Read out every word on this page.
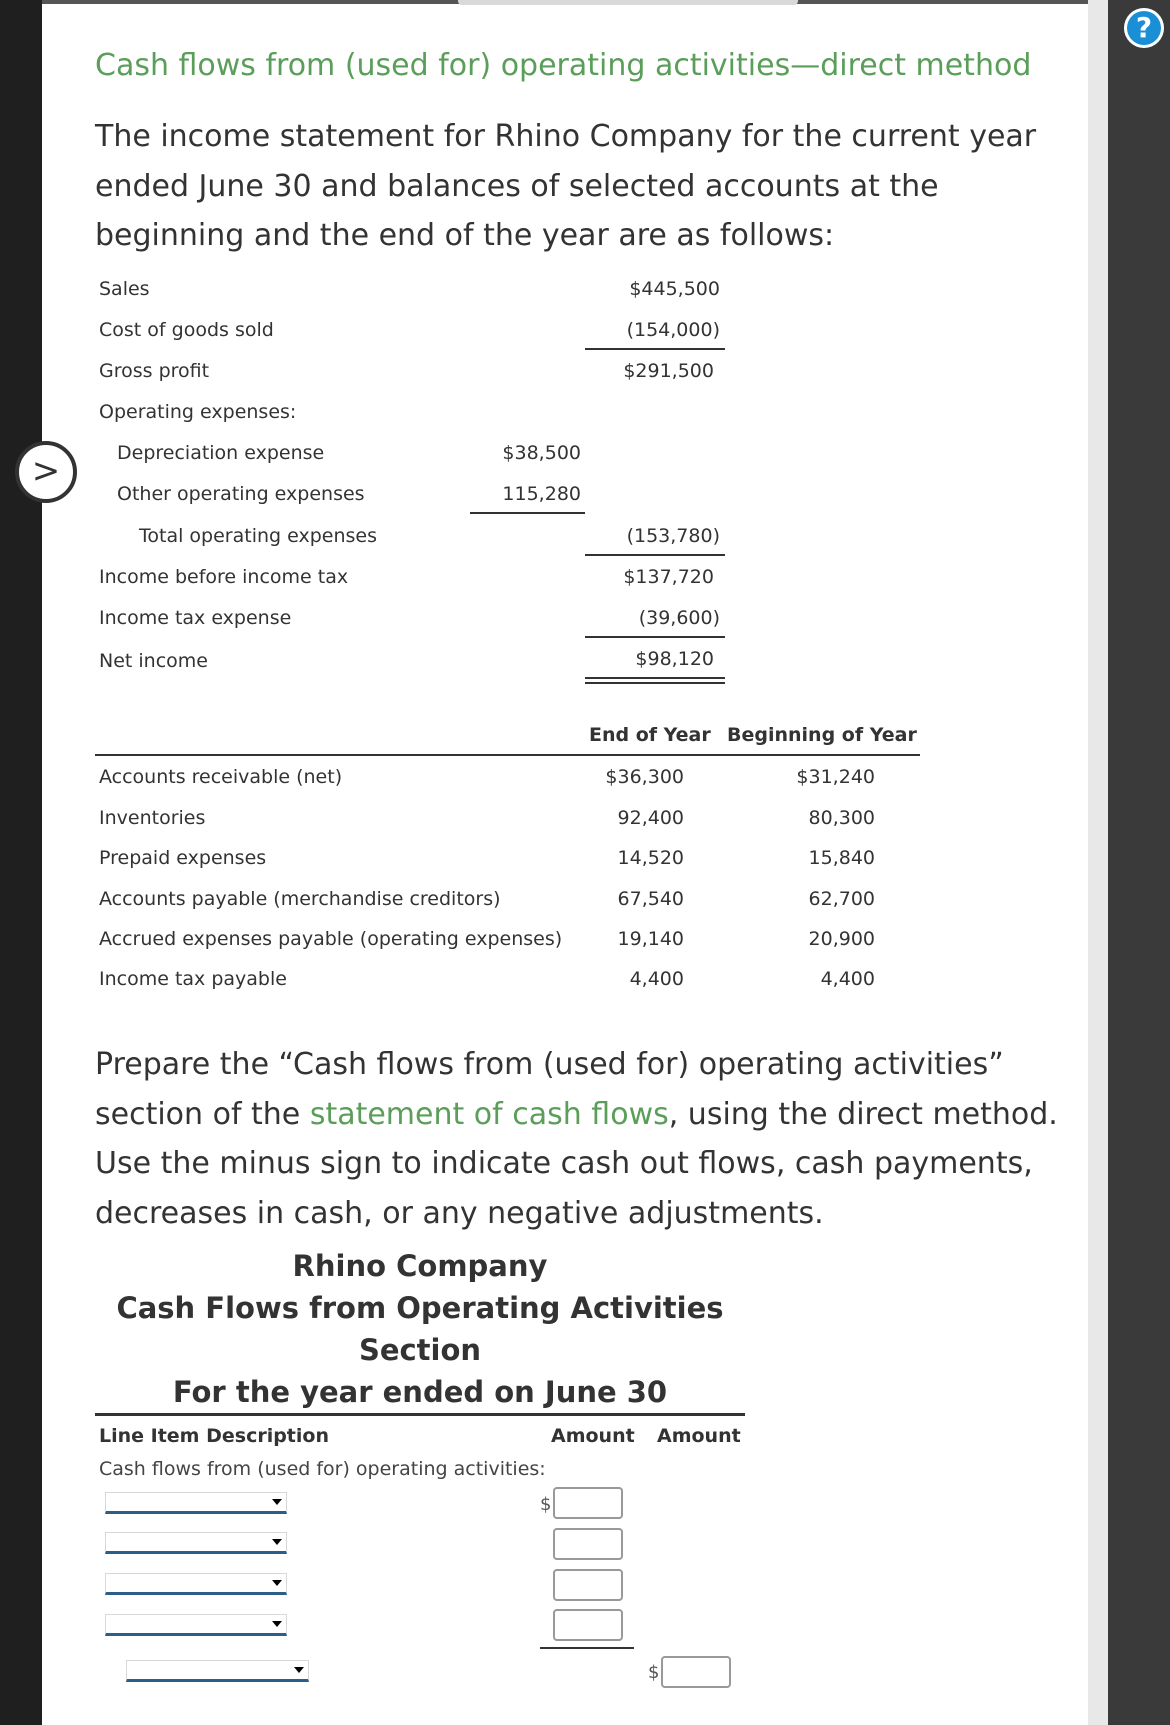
?
>
Cash flows from (used for) operating activities—direct method
The income statement for Rhino Company for the current year ended June 30 and balances of selected accounts at the beginning and the end of the year are as follows:
Sales	$445,500
Cost of goods sold	(154,000)
Gross profit	$291,500
Operating expenses:
Depreciation expense	$38,500
Other operating expenses	115,280
Total operating expenses	(153,780)
Income before income tax	$137,720
Income tax expense	(39,600)
Net income	$98,120
End of Year Beginning of Year
Accounts receivable (net)	$36,300	$31,240
Inventories	92,400	80,300
Prepaid expenses	14,520	15,840
Accounts payable (merchandise creditors)	67,540	62,700
Accrued expenses payable (operating expenses)	19,140	20,900
Income tax payable	4,400	4,400
Prepare the “Cash flows from (used for) operating activities” section of the statement of cash flows, using the direct method. Use the minus sign to indicate cash out flows, cash payments, decreases in cash, or any negative adjustments.
Rhino Company
Cash Flows from Operating Activities
Section
For the year ended on June 30
Line Item Description	Amount Amount
Cash flows from (used for) operating activities:
$
$
